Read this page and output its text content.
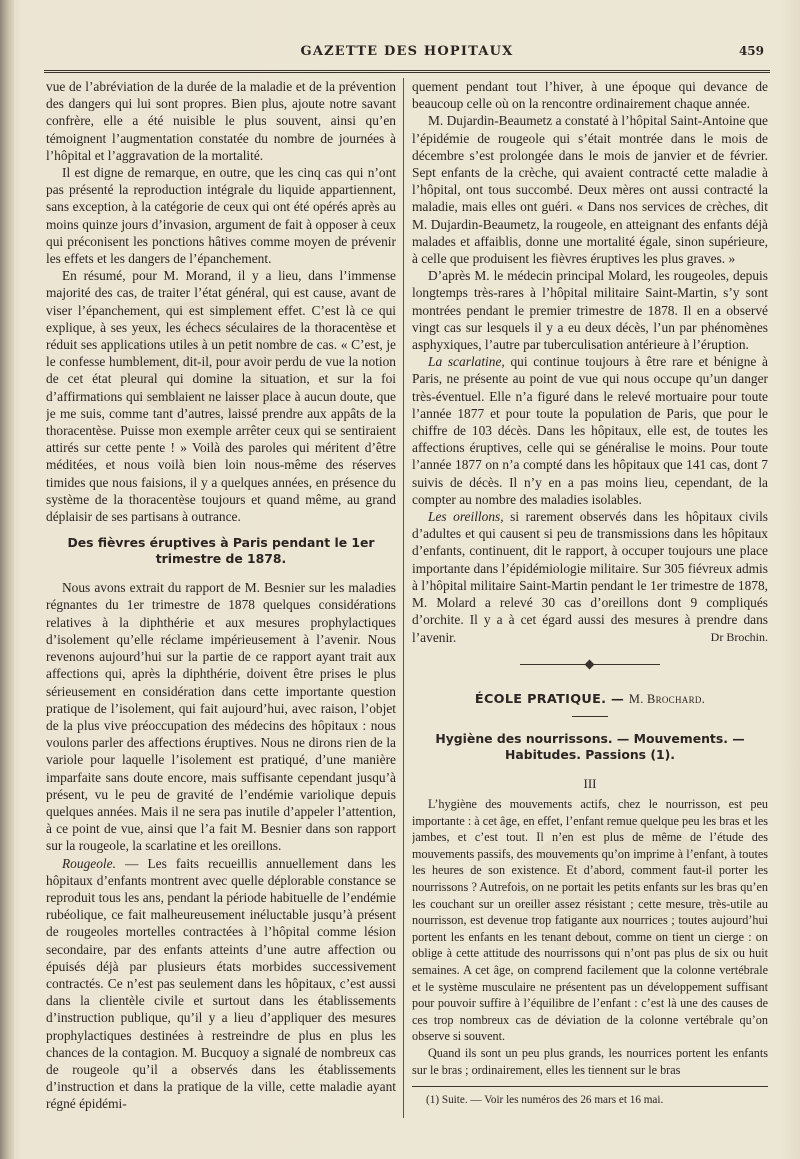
GAZETTE DES HOPITAUX	459

vue de l’abréviation de la durée de la maladie et de la prévention des dangers qui lui sont propres. Bien plus, ajoute notre savant confrère, elle a été nuisible le plus souvent, ainsi qu’en témoignent l’augmentation constatée du nombre de journées à l’hôpital et l’aggravation de la mortalité.

Il est digne de remarque, en outre, que les cinq cas qui n’ont pas présenté la reproduction intégrale du liquide appartiennent, sans exception, à la catégorie de ceux qui ont été opérés après au moins quinze jours d’invasion, argument de fait à opposer à ceux qui préconisent les ponctions hâtives comme moyen de prévenir les effets et les dangers de l’épanchement.

En résumé, pour M. Morand, il y a lieu, dans l’immense majorité des cas, de traiter l’état général, qui est cause, avant de viser l’épanchement, qui est simplement effet. C’est là ce qui explique, à ses yeux, les échecs séculaires de la thoracentèse et réduit ses applications utiles à un petit nombre de cas. « C’est, je le confesse humblement, dit-il, pour avoir perdu de vue la notion de cet état pleural qui domine la situation, et sur la foi d’affirmations qui semblaient ne laisser place à aucun doute, que je me suis, comme tant d’autres, laissé prendre aux appâts de la thoracentèse. Puisse mon exemple arrêter ceux qui se sentiraient attirés sur cette pente ! » Voilà des paroles qui méritent d’être méditées, et nous voilà bien loin nous-même des réserves timides que nous faisions, il y a quelques années, en présence du système de la thoracentèse toujours et quand même, au grand déplaisir de ses partisans à outrance.

Des fièvres éruptives à Paris pendant le 1er trimestre de 1878.

Nous avons extrait du rapport de M. Besnier sur les maladies régnantes du 1er trimestre de 1878 quelques considérations relatives à la diphthérie et aux mesures prophylactiques d’isolement qu’elle réclame impérieusement à l’avenir. Nous revenons aujourd’hui sur la partie de ce rapport ayant trait aux affections qui, après la diphthérie, doivent être prises le plus sérieusement en considération dans cette importante question pratique de l’isolement, qui fait aujourd’hui, avec raison, l’objet de la plus vive préoccupation des médecins des hôpitaux : nous voulons parler des affections éruptives. Nous ne dirons rien de la variole pour laquelle l’isolement est pratiqué, d’une manière imparfaite sans doute encore, mais suffisante cependant jusqu’à présent, vu le peu de gravité de l’endémie variolique depuis quelques années. Mais il ne sera pas inutile d’appeler l’attention, à ce point de vue, ainsi que l’a fait M. Besnier dans son rapport sur la rougeole, la scarlatine et les oreillons.

Rougeole. — Les faits recueillis annuellement dans les hôpitaux d’enfants montrent avec quelle déplorable constance se reproduit tous les ans, pendant la période habituelle de l’endémie rubéolique, ce fait malheureusement inéluctable jusqu’à présent de rougeoles mortelles contractées à l’hôpital comme lésion secondaire, par des enfants atteints d’une autre affection ou épuisés déjà par plusieurs états morbides successivement contractés. Ce n’est pas seulement dans les hôpitaux, c’est aussi dans la clientèle civile et surtout dans les établissements d’instruction publique, qu’il y a lieu d’appliquer des mesures prophylactiques destinées à restreindre de plus en plus les chances de la contagion. M. Bucquoy a signalé de nombreux cas de rougeole qu’il a observés dans les établissements d’instruction et dans la pratique de la ville, cette maladie ayant régné épidémi-

quement pendant tout l’hiver, à une époque qui devance de beaucoup celle où on la rencontre ordinairement chaque année.

M. Dujardin-Beaumetz a constaté à l’hôpital Saint-Antoine que l’épidémie de rougeole qui s’était montrée dans le mois de décembre s’est prolongée dans le mois de janvier et de février. Sept enfants de la crèche, qui avaient contracté cette maladie à l’hôpital, ont tous succombé. Deux mères ont aussi contracté la maladie, mais elles ont guéri. « Dans nos services de crèches, dit M. Dujardin-Beaumetz, la rougeole, en atteignant des enfants déjà malades et affaiblis, donne une mortalité égale, sinon supérieure, à celle que produisent les fièvres éruptives les plus graves. »

D’après M. le médecin principal Molard, les rougeoles, depuis longtemps très-rares à l’hôpital militaire Saint-Martin, s’y sont montrées pendant le premier trimestre de 1878. Il en a observé vingt cas sur lesquels il y a eu deux décès, l’un par phénomènes asphyxiques, l’autre par tuberculisation antérieure à l’éruption.

La scarlatine, qui continue toujours à être rare et bénigne à Paris, ne présente au point de vue qui nous occupe qu’un danger très-éventuel. Elle n’a figuré dans le relevé mortuaire pour toute l’année 1877 et pour toute la population de Paris, que pour le chiffre de 103 décès. Dans les hôpitaux, elle est, de toutes les affections éruptives, celle qui se généralise le moins. Pour toute l’année 1877 on n’a compté dans les hôpitaux que 141 cas, dont 7 suivis de décès. Il n’y en a pas moins lieu, cependant, de la compter au nombre des maladies isolables.

Les oreillons, si rarement observés dans les hôpitaux civils d’adultes et qui causent si peu de transmissions dans les hôpitaux d’enfants, continuent, dit le rapport, à occuper toujours une place importante dans l’épidémiologie militaire. Sur 305 fiévreux admis à l’hôpital militaire Saint-Martin pendant le 1er trimestre de 1878, M. Molard a relevé 30 cas d’oreillons dont 9 compliqués d’orchite. Il y a à cet égard aussi des mesures à prendre dans l’avenir.	Dr Brochin.

ÉCOLE PRATIQUE. — M. Brochard.
Hygiène des nourrissons. — Mouvements. — Habitudes. Passions (1).
III

L’hygiène des mouvements actifs, chez le nourrisson, est peu importante : à cet âge, en effet, l’enfant remue quelque peu les bras et les jambes, et c’est tout. Il n’en est plus de même de l’étude des mouvements passifs, des mouvements qu’on imprime à l’enfant, à toutes les heures de son existence. Et d’abord, comment faut-il porter les nourrissons ? Autrefois, on ne portait les petits enfants sur les bras qu’en les couchant sur un oreiller assez résistant ; cette mesure, très-utile au nourrisson, est devenue trop fatigante aux nourrices ; toutes aujourd’hui portent les enfants en les tenant debout, comme on tient un cierge : on oblige à cette attitude des nourrissons qui n’ont pas plus de six ou huit semaines. A cet âge, on comprend facilement que la colonne vertébrale et le système musculaire ne présentent pas un développement suffisant pour pouvoir suffire à l’équilibre de l’enfant : c’est là une des causes de ces trop nombreux cas de déviation de la colonne vertébrale qu’on observe si souvent.

Quand ils sont un peu plus grands, les nourrices portent les enfants sur le bras ; ordinairement, elles les tiennent sur le bras

(1) Suite. — Voir les numéros des 26 mars et 16 mai.
